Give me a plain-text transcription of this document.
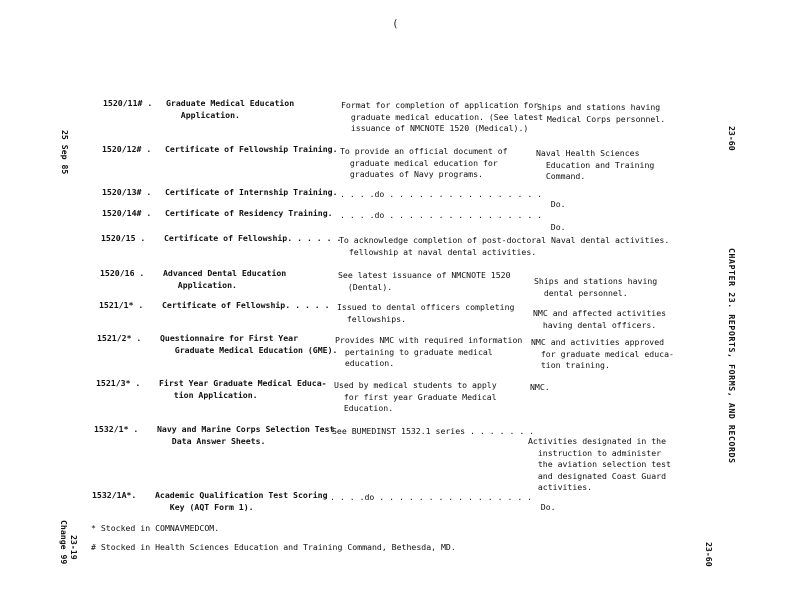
(
25 Sep 85
23-19
Change 99
23-60
CHAPTER 23. REPORTS, FORMS, AND RECORDS
23-60
1520/11# . Graduate Medical Education
Application.
Format for completion of application for
graduate medical education. (See latest
issuance of NMCNOTE 1520 (Medical).)
Ships and stations having
Medical Corps personnel.
1520/12# . Certificate of Fellowship Training. To provide an official document of
graduate medical education for
graduates of Navy programs.
Naval Health Sciences
Education and Training
Command.
1520/13# . Certificate of Internship Training. . . . .do . . . . . . . . . . . . . . . .
Do.
1520/14# . Certificate of Residency Training. . . . .do . . . . . . . . . . . . . . . .
Do.
1520/15 . Certificate of Fellowship. . . . . .
To acknowledge completion of post-doctoral Naval dental activities.
fellowship at naval dental activities.
1520/16 . Advanced Dental Education
Application.
See latest issuance of NMCNOTE 1520
(Dental).
Ships and stations having
dental personnel.
1521/1* . Certificate of Fellowship. . . . . Issued to dental officers completing
fellowships.
NMC and affected activities
having dental officers.
1521/2* . Questionnaire for First Year
Graduate Medical Education (GME).
Provides NMC with required information
pertaining to graduate medical
education.
NMC and activities approved
for graduate medical educa-
tion training.
1521/3* . First Year Graduate Medical Educa-
tion Application.
Used by medical students to apply
for first year Graduate Medical
Education.
NMC.
1532/1* . Navy and Marine Corps Selection Test
Data Answer Sheets.
See BUMEDINST 1532.1 series . . . . . . .
Activities designated in the
instruction to administer
the aviation selection test
and designated Coast Guard
activities.
1532/1A*. Academic Qualification Test Scoring
Key (AQT Form 1).
. . . .do . . . . . . . . . . . . . . . .
Do.
* Stocked in COMNAVMEDCOM.
# Stocked in Health Sciences Education and Training Command, Bethesda, MD.
